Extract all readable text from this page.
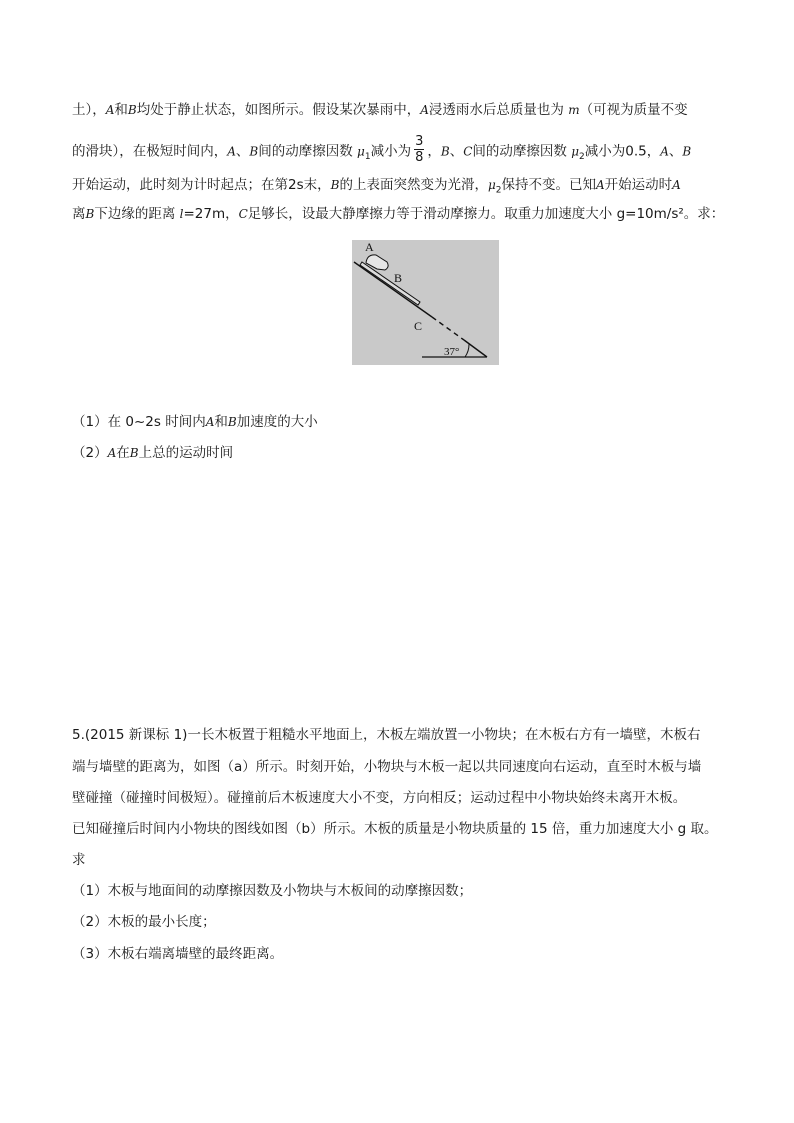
土），A和B均处于静止状态，如图所示。假设某次暴雨中，A浸透雨水后总质量也为 m（可视为质量不变
的滑块），在极短时间内，A、B间的动摩擦因数 $\mu_1$减小为 $\frac{3}{8}$ ，B、C间的动摩擦因数 $\mu_2$减小为0.5，A、B
开始运动，此时刻为计时起点；在第2s末，B的上表面突然变为光滑，$\mu_2$保持不变。已知A开始运动时A
离B下边缘的距离 l=27m，C足够长，设最大静摩擦力等于滑动摩擦力。取重力加速度大小 g=10m/s²。求：
A
B
C
37°
（1）在 0~2s 时间内A和B加速度的大小
（2）A在B上总的运动时间
5.(2015 新课标 1)一长木板置于粗糙水平地面上，木板左端放置一小物块；在木板右方有一墙壁，木板右
端与墙壁的距离为，如图（a）所示。时刻开始，小物块与木板一起以共同速度向右运动，直至时木板与墙
壁碰撞（碰撞时间极短）。碰撞前后木板速度大小不变，方向相反；运动过程中小物块始终未离开木板。
已知碰撞后时间内小物块的图线如图（b）所示。木板的质量是小物块质量的 15 倍，重力加速度大小 g 取。
求
（1）木板与地面间的动摩擦因数及小物块与木板间的动摩擦因数；
（2）木板的最小长度；
（3）木板右端离墙壁的最终距离。
